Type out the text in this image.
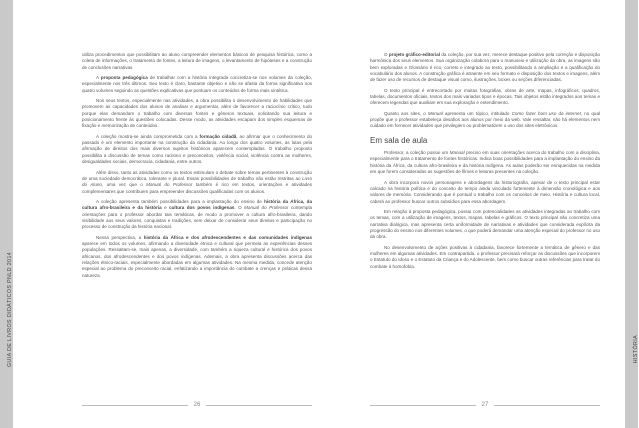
GUIA DE LIVROS DIDÁTICOS PNLD 2014	HISTÓRIA

utiliza procedimentos que possibilitam ao aluno compreender elementos básicos de pesquisa histórica, como a coleta de informações, o tratamento de fontes, a leitura de imagens, o levantamento de hipóteses e a construção de conclusões narrativas.

A proposta pedagógica de trabalhar com a história integrada concretiza-se nos volumes da coleção, especialmente nos três últimos. Seu texto é claro, bastante objetivo e não se afasta da forma significativa nos quatro volumes seguindo as questões explicativas que pontuam os conteúdos de forma mais sintética.

Nos seus textos, especialmente nas atividades, a obra possibilita o desenvolvimento de habilidades que promovem as capacidades dos alunos de analisar e argumentar, além de favorecer a raciocínio crítico, tudo porque elas demandam o trabalho com diversas fontes e gêneros textuais, solicitando sua leitura e posicionamento frente às questões colocadas. Desse modo, as atividades escapam dos simples esquemas de fixação e memorização de conteúdos.

A coleção mostra-se ainda comprometida com a formação cidadã, ao afirmar que o conhecimento do passado é um elemento importante na construção da cidadania. Ao longo dos quatro volumes, as lutas pela afirmação de direitos dos mais diversos sujeitos históricos aparecem contempladas. O trabalho proposto possibilita a discussão de temas como racismo e preconceitos, violência social, violência contra as mulheres, desigualdades sociais, democracia, cidadania, entre outros.

Além disso, tanto as atividades como os textos estimulam o debate sobre temas pertinentes à construção de uma sociedade democrática, tolerante e plural. Essas possibilidades de trabalho não estão restritas ao Livro do Aluno, uma vez que o Manual do Professor também é rico em textos, orientações e atividades complementares que contribuem para empreender discussões qualificadas com os alunos.

A coleção apresenta também possibilidades para a implantação do ensino de história da África, da cultura afro-brasileira e da história e cultura dos povos indígenas. O Manual do Professor contempla orientações para o professor abordar tais temáticas, de modo a promover a cultura afro-brasileira, dando visibilidade aos seus valores, conquistas e tradições, sem deixar de considerar seus direitos e participação no processo de construção da história nacional.

Nessa perspectiva, a história da África e dos afrodescendentes e das comunidades indígenas aparece em todos os volumes, afirmando a diversidade étnica e cultural que permeia as experiências desses populações. Ressaltam-se, mais apenas, a diversidade, com também a riqueza cultural e histórica dos povos africanos, dos afrodescendentes e dos povos indígenas. Ademais, a obra apresenta discussões acerca das relações étnico-raciais, especialmente abordadas em algumas atividades. Na mesma medida, concede atenção especial ao problema do preconceito racial, enfatizando a importância do combate a crenças e práticas dessa natureza.

O projeto gráfico-editorial da coleção, por sua vez, merece destaque positivo pela correção e disposição harmônica dos seus elementos. Sua organização colabora para o manuseio e utilização da obra, as imagens são bem exploradas e Glossário é rico, correto e integrado ao texto, possibilitando a ampliação e a qualificação do vocabulário dos alunos. A construção gráfica é atraente em seu formato e disposição dos textos e imagens, além de fazer uso de recursos de destaque visual como, ilustrações, boxes ou seções diferenciadas.

O texto principal é entrecortado por muitas fotografias, obras de arte, mapas, infográficos, quadros, tabelas, documentos oficiais, textos dos mais variados tipos e épocas. Tais objetos estão integrados aos temas e oferecem legendas que auxiliam em sua exploração e entendimento.

Quanto aos sites, o Manual apresenta um tópico, intitulado Como fazer bom uso da internet, no qual propõe que o professor estabeleça desafios aos alunos por meio da web. Vale ressaltar, não há elementos nem cuidado em fornecer atividades que privilegiem ou problematizem o uso dos sites eletrônicos.

Em sala de aula

Professor, a coleção possui um Manual preciso em suas orientações acerca do trabalho com a disciplina, especialmente para o tratamento de fontes históricas. Indica boas possibilidades para a implantação do ensino da história da África, da cultura afro-brasileira e da história indígena. As aulas poderão ser enriquecidas na medida em que forem consideradas as sugestões de filmes e leituras presentes na coleção.

A obra incorpora novos personagens e abordagens da historiografia, apesar de o texto principal estar calcado na história política e do conceito de tempo ainda vinculado fortemente à dimensão cronológica e aos valores de memória. Considerando que é pontual o trabalho com os conceitos de meio. História e cultura local, caberá ao professor buscar outros subsídios para essa abordagem.

Em relação à proposta pedagógica, possui com potencialidades as atividades integradas ao trabalho com os temas, com a utilização de imagens, textos, mapas, tabelas e gráficos. O texto principal não concretiza uma narrativa dialógica, mas apresenta certa uniformidade de narrativas e atividades que considerada explícita da progressão do ensino nos diferentes volumes, o que poderá demandar uma atenção especial do professor no uso da obra.

No desenvolvimento de ações positivas à cidadania, favorece fortemente a temática de gênero e das mulheres em algumas atividades. Em contrapartida, o professor precisará reforçar as discussões que incorporem o Estatuto do Idoso e o Estatuto da Criança e do Adolescente, bem como buscar outras referências para tratar do combate à homofobia.

26	27
